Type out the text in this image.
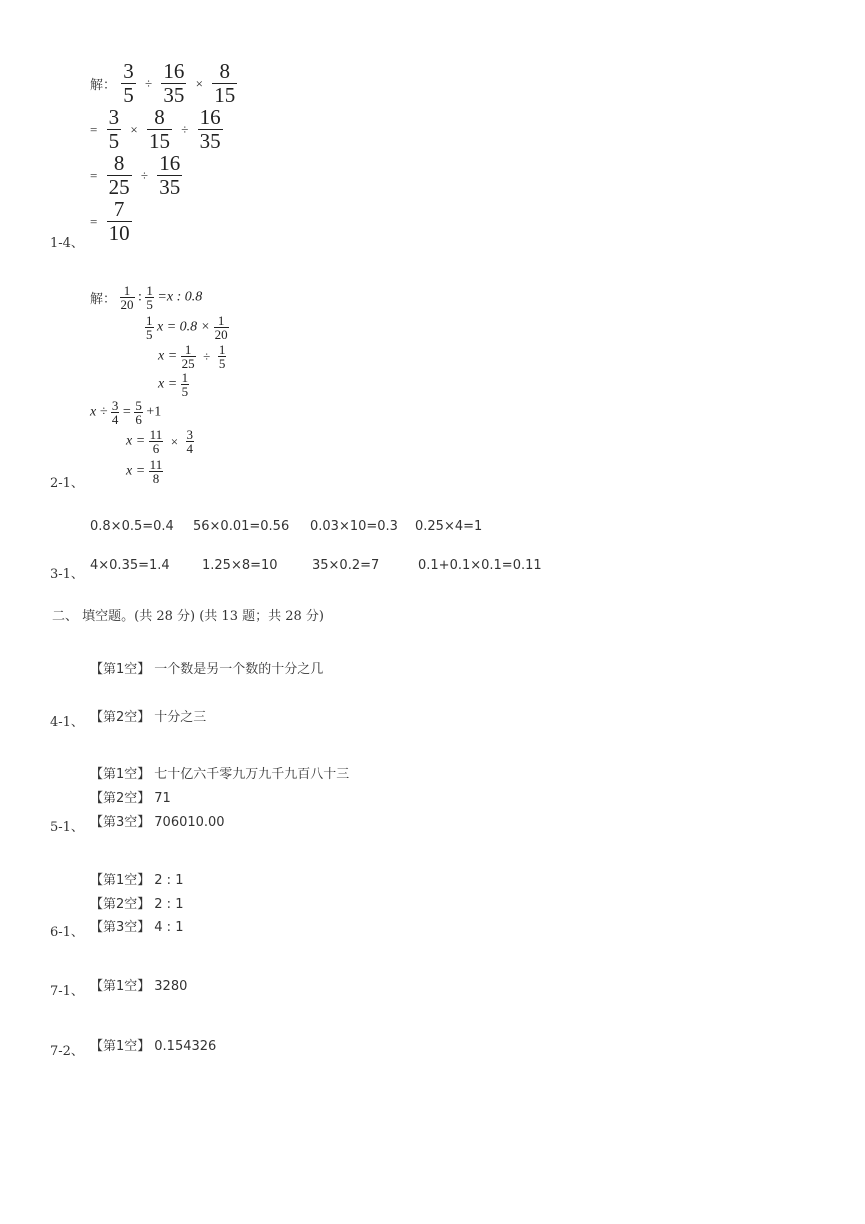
解： $\frac{3}{5} \div \frac{16}{35} \times \frac{8}{15}$
= $\frac{3}{5} \times \frac{8}{15} \div \frac{16}{35}$
= $\frac{8}{25} \div \frac{16}{35}$
= $\frac{7}{10}$
1-4、
解： $\frac{1}{20}$ : $\frac{1}{5} =x$ : 0.8
$\frac{1}{5}$ $x = 0.8 \times \frac{1}{20}$
$x = \frac{1}{25} \div \frac{1}{5}$
$x = \frac{1}{5}$
$x \div \frac{3}{4} = \frac{5}{6} +1$
$x = \frac{11}{6} \times \frac{3}{4}$
$x = \frac{11}{8}$
2-1、
0.8×0.5=0.4 56×0.01=0.56 0.03×10=0.3 0.25×4=1
4×0.35=1.4 1.25×8=10	35×0.2=7	0.1+0.1×0.1=0.11
3-1、
二、 填空题。(共 28 分) (共 13 题；共 28 分)
【第1空】 一个数是另一个数的十分之几
【第2空】 十分之三
4-1、
【第1空】 七十亿六千零九万九千九百八十三
【第2空】 71
【第3空】 706010.00
5-1、
【第1空】 2 : 1
【第2空】 2 : 1
【第3空】 4 : 1
6-1、
【第1空】 3280
7-1、
【第1空】 0.154326
7-2、
